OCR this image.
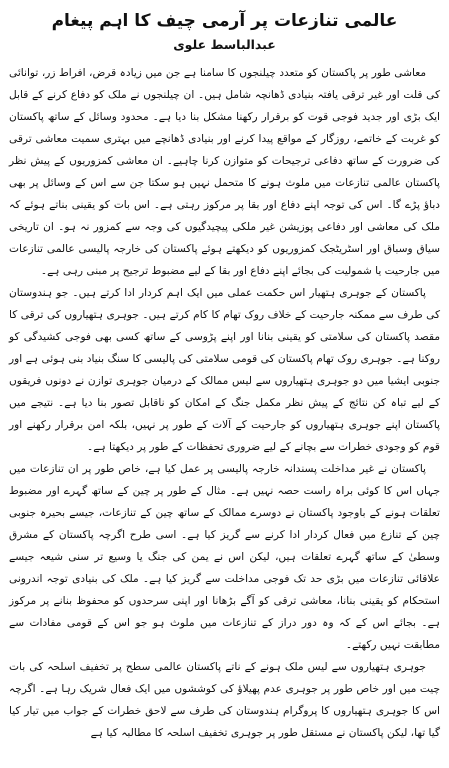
عالمی تنازعات پر آرمی چیف کا اہم پیغام
عبدالباسط علوی

معاشی طور پر پاکستان کو متعدد چیلنجوں کا سامنا ہے جن میں زیادہ قرض، افراط زر، توانائی کی قلت اور غیر ترقی یافتہ بنیادی ڈھانچہ شامل ہیں۔ ان چیلنجوں نے ملک کو دفاع کرنے کے قابل ایک بڑی اور جدید فوجی قوت کو برقرار رکھنا مشکل بنا دیا ہے۔ محدود وسائل کے ساتھ پاکستان کو غربت کے خاتمے، روزگار کے مواقع پیدا کرنے اور بنیادی ڈھانچے میں بہتری سمیت معاشی ترقی کی ضرورت کے ساتھ دفاعی ترجیحات کو متوازن کرنا چاہیے۔ ان معاشی کمزوریوں کے پیش نظر پاکستان عالمی تنازعات میں ملوث ہونے کا متحمل نہیں ہو سکتا جن سے اس کے وسائل پر بھی دباؤ پڑے گا۔ اس کی توجہ اپنے دفاع اور بقا پر مرکوز رہتی ہے۔ اس بات کو یقینی بناتے ہوئے کہ ملک کی معاشی اور دفاعی پوزیشن غیر ملکی پیچیدگیوں کی وجہ سے کمزور نہ ہو۔ ان تاریخی سیاق وسباق اور اسٹریٹجک کمزوریوں کو دیکھتے ہوئے پاکستان کی خارجہ پالیسی عالمی تنازعات میں جارحیت یا شمولیت کی بجائے اپنے دفاع اور بقا کے لیے مضبوط ترجیح پر مبنی رہی ہے۔

پاکستان کے جوہری ہتھیار اس حکمت عملی میں ایک اہم کردار ادا کرتے ہیں۔ جو ہندوستان کی طرف سے ممکنہ جارحیت کے خلاف روک تھام کا کام کرتے ہیں۔ جوہری ہتھیاروں کی ترقی کا مقصد پاکستان کی سلامتی کو یقینی بنانا اور اپنے پڑوسی کے ساتھ کسی بھی فوجی کشیدگی کو روکنا ہے۔ جوہری روک تھام پاکستان کی قومی سلامتی کی پالیسی کا سنگ بنیاد بنی ہوئی ہے اور جنوبی ایشیا میں دو جوہری ہتھیاروں سے لیس ممالک کے درمیان جوہری توازن نے دونوں فریقوں کے لیے تباہ کن نتائج کے پیش نظر مکمل جنگ کے امکان کو ناقابل تصور بنا دیا ہے۔ نتیجے میں پاکستان اپنے جوہری ہتھیاروں کو جارحیت کے آلات کے طور پر نہیں، بلکہ امن برقرار رکھنے اور قوم کو وجودی خطرات سے بچانے کے لیے ضروری تحفظات کے طور پر دیکھتا ہے۔

پاکستان نے غیر مداخلت پسندانہ خارجہ پالیسی پر عمل کیا ہے، خاص طور پر ان تنازعات میں جہاں اس کا کوئی براہ راست حصہ نہیں ہے۔ مثال کے طور پر چین کے ساتھ گہرے اور مضبوط تعلقات ہونے کے باوجود پاکستان نے دوسرے ممالک کے ساتھ چین کے تنازعات، جیسے بحیرہ جنوبی چین کے تنازع میں فعال کردار ادا کرنے سے گریز کیا ہے۔ اسی طرح اگرچہ پاکستان کے مشرق وسطیٰ کے ساتھ گہرے تعلقات ہیں، لیکن اس نے یمن کی جنگ یا وسیع تر سنی شیعہ جیسے علاقائی تنازعات میں بڑی حد تک فوجی مداخلت سے گریز کیا ہے۔ ملک کی بنیادی توجہ اندرونی استحکام کو یقینی بنانا، معاشی ترقی کو آگے بڑھانا اور اپنی سرحدوں کو محفوظ بنانے پر مرکوز ہے۔ بجائے اس کے کہ وہ دور دراز کے تنازعات میں ملوث ہو جو اس کے قومی مفادات سے مطابقت نہیں رکھتے۔

جوہری ہتھیاروں سے لیس ملک ہونے کے ناتے پاکستان عالمی سطح پر تخفیف اسلحہ کی بات چیت میں اور خاص طور پر جوہری عدم پھیلاؤ کی کوششوں میں ایک فعال شریک رہا ہے۔ اگرچہ اس کا جوہری ہتھیاروں کا پروگرام ہندوستان کی طرف سے لاحق خطرات کے جواب میں تیار کیا گیا تھا، لیکن پاکستان نے مستقل طور پر جوہری تخفیف اسلحہ کا مطالبہ کیا ہے
